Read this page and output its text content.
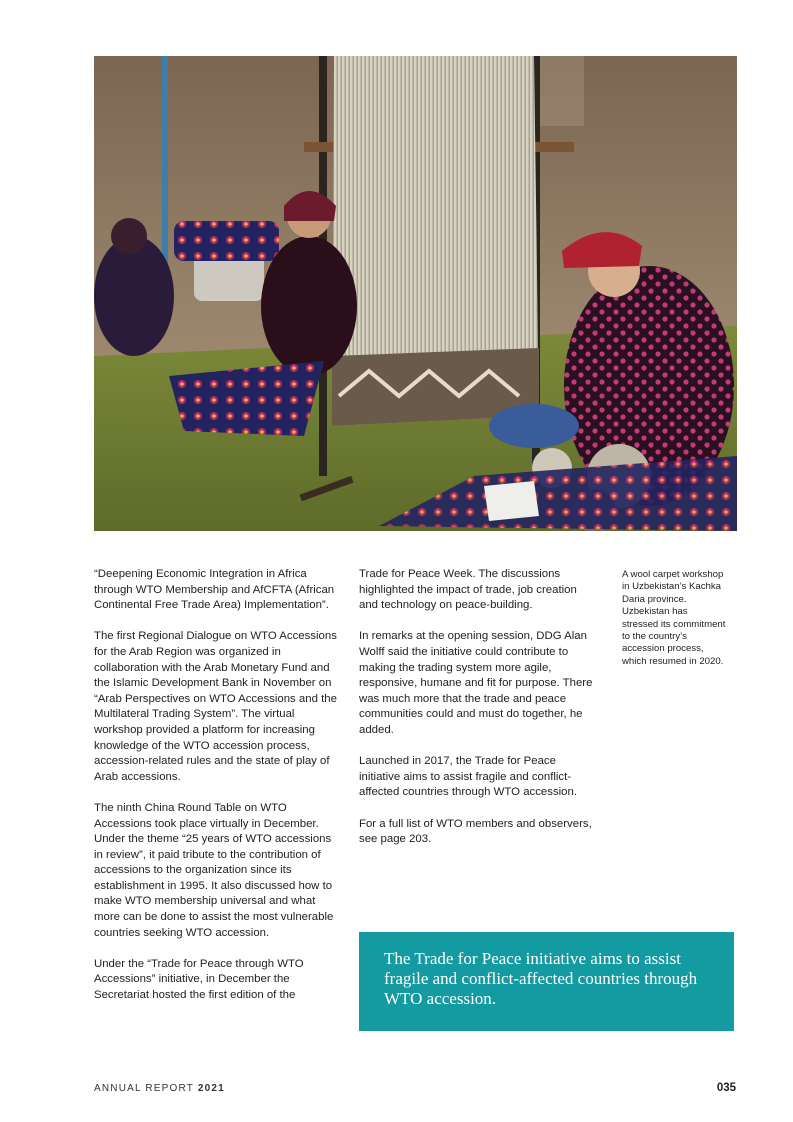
“Deepening Economic Integration in Africa through WTO Membership and AfCFTA (African Continental Free Trade Area) Implementation”.

The first Regional Dialogue on WTO Accessions for the Arab Region was organized in collaboration with the Arab Monetary Fund and the Islamic Development Bank in November on “Arab Perspectives on WTO Accessions and the Multilateral Trading System”. The virtual workshop provided a platform for increasing knowledge of the WTO accession process, accession-related rules and the state of play of Arab accessions.

The ninth China Round Table on WTO Accessions took place virtually in December. Under the theme “25 years of WTO accessions in review”, it paid tribute to the contribution of accessions to the organization since its establishment in 1995. It also discussed how to make WTO membership universal and what more can be done to assist the most vulnerable countries seeking WTO accession.

Under the “Trade for Peace through WTO Accessions” initiative, in December the Secretariat hosted the first edition of the

Trade for Peace Week. The discussions highlighted the impact of trade, job creation and technology on peace-building.

In remarks at the opening session, DDG Alan Wolff said the initiative could contribute to making the trading system more agile, responsive, humane and fit for purpose. There was much more that the trade and peace communities could and must do together, he added.

Launched in 2017, the Trade for Peace initiative aims to assist fragile and conflict-affected countries through WTO accession.

For a full list of WTO members and observers, see page 203.

A wool carpet workshop in Uzbekistan’s Kachka Daria province. Uzbekistan has stressed its commitment to the country’s accession process, which resumed in 2020.

The Trade for Peace initiative aims to assist fragile and conflict-affected countries through WTO accession.

ANNUAL REPORT 2021	035
